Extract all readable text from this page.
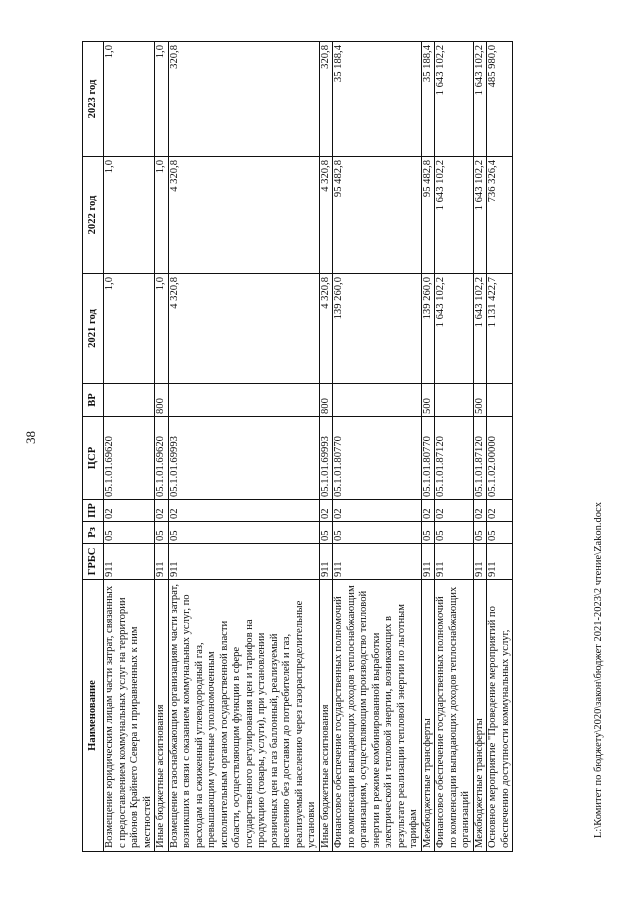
38
Наименование	ГРБС	Рз	ПР	ЦСР	ВР	2021 год	2022 год	2023 год
Возмещение юридическим лицам части затрат, связанных с предоставлением коммунальных услуг на территории районов Крайнего Севера и приравненных к ним местностей	911	05	02	05.1.01.69620		1,0	1,0	1,0
Иные бюджетные ассигнования	911	05	02	05.1.01.69620	800	1,0	1,0	1,0
Возмещение газоснабжающим организациям части затрат, возникших в связи с оказанием коммунальных услуг, по расходам на сжиженный углеводородный газ, превышающим учтенные уполномоченным исполнительным органом государственной власти области, осуществляющим функции в сфере государственного регулирования цен и тарифов на продукцию (товары, услуги), при установлении розничных цен на газ баллонный, реализуемый населению без доставки до потребителей и газ, реализуемый населению через газораспределительные установки	911	05	02	05.1.01.69993		4 320,8	4 320,8	320,8
Иные бюджетные ассигнования	911	05	02	05.1.01.69993	800	4 320,8	4 320,8	320,8
Финансовое обеспечение государственных полномочий по компенсации выпадающих доходов теплоснабжающим организациям, осуществляющим производство тепловой энергии в режиме комбинированной выработки электрической и тепловой энергии, возникающих в результате реализации тепловой энергии по льготным тарифам	911	05	02	05.1.01.80770		139 260,0	95 482,8	35 188,4
Межбюджетные трансферты	911	05	02	05.1.01.80770	500	139 260,0	95 482,8	35 188,4
Финансовое обеспечение государственных полномочий по компенсации выпадающих доходов теплоснабжающих организаций	911	05	02	05.1.01.87120		1 643 102,2	1 643 102,2	1 643 102,2
Межбюджетные трансферты	911	05	02	05.1.01.87120	500	1 643 102,2	1 643 102,2	1 643 102,2
Основное мероприятие "Проведение мероприятий по обеспечению доступности коммунальных услуг,	911	05	02	05.1.02.00000		1 131 422,7	736 326,4	485 980,0
L:\Комитет по бюджету\2020\закон\бюджет 2021-2023\2 чтение\Zakon.docx
